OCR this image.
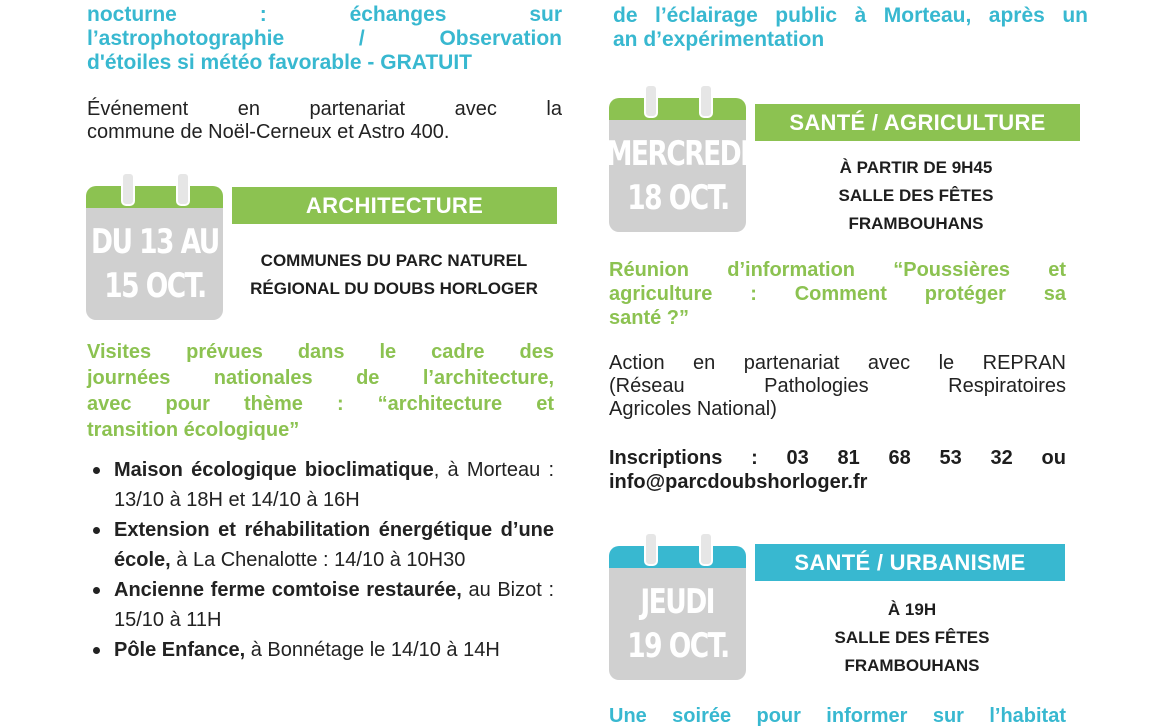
nocturne : échanges sur
l’astrophotographie / Observation
d'étoiles si météo favorable - GRATUIT
Événement en partenariat avec la
commune de Noël-Cerneux et Astro 400.
DU 13 AU
15 OCT.
ARCHITECTURE
COMMUNES DU PARC NATUREL
RÉGIONAL DU DOUBS HORLOGER
Visites prévues dans le cadre des
journées nationales de l’architecture,
avec pour thème : “architecture et
transition écologique”
Maison écologique bioclimatique, à Morteau : 13/10 à 18H et 14/10 à 16H
Extension et réhabilitation énergétique d’une école, à La Chenalotte : 14/10 à 10H30
Ancienne ferme comtoise restaurée, au Bizot : 15/10 à 11H
Pôle Enfance, à Bonnétage le 14/10 à 14H
de l’éclairage public à Morteau, après un
an d’expérimentation
MERCREDI
18 OCT.
SANTÉ / AGRICULTURE
À PARTIR DE 9H45
SALLE DES FÊTES
FRAMBOUHANS
Réunion d’information “Poussières et
agriculture : Comment protéger sa
santé ?”
Action en partenariat avec le REPRAN
(Réseau Pathologies Respiratoires
Agricoles National)
Inscriptions : 03 81 68 53 32 ou
info@parcdoubshorloger.fr
JEUDI
19 OCT.
SANTÉ / URBANISME
À 19H
SALLE DES FÊTES
FRAMBOUHANS
Une soirée pour informer sur l’habitat
